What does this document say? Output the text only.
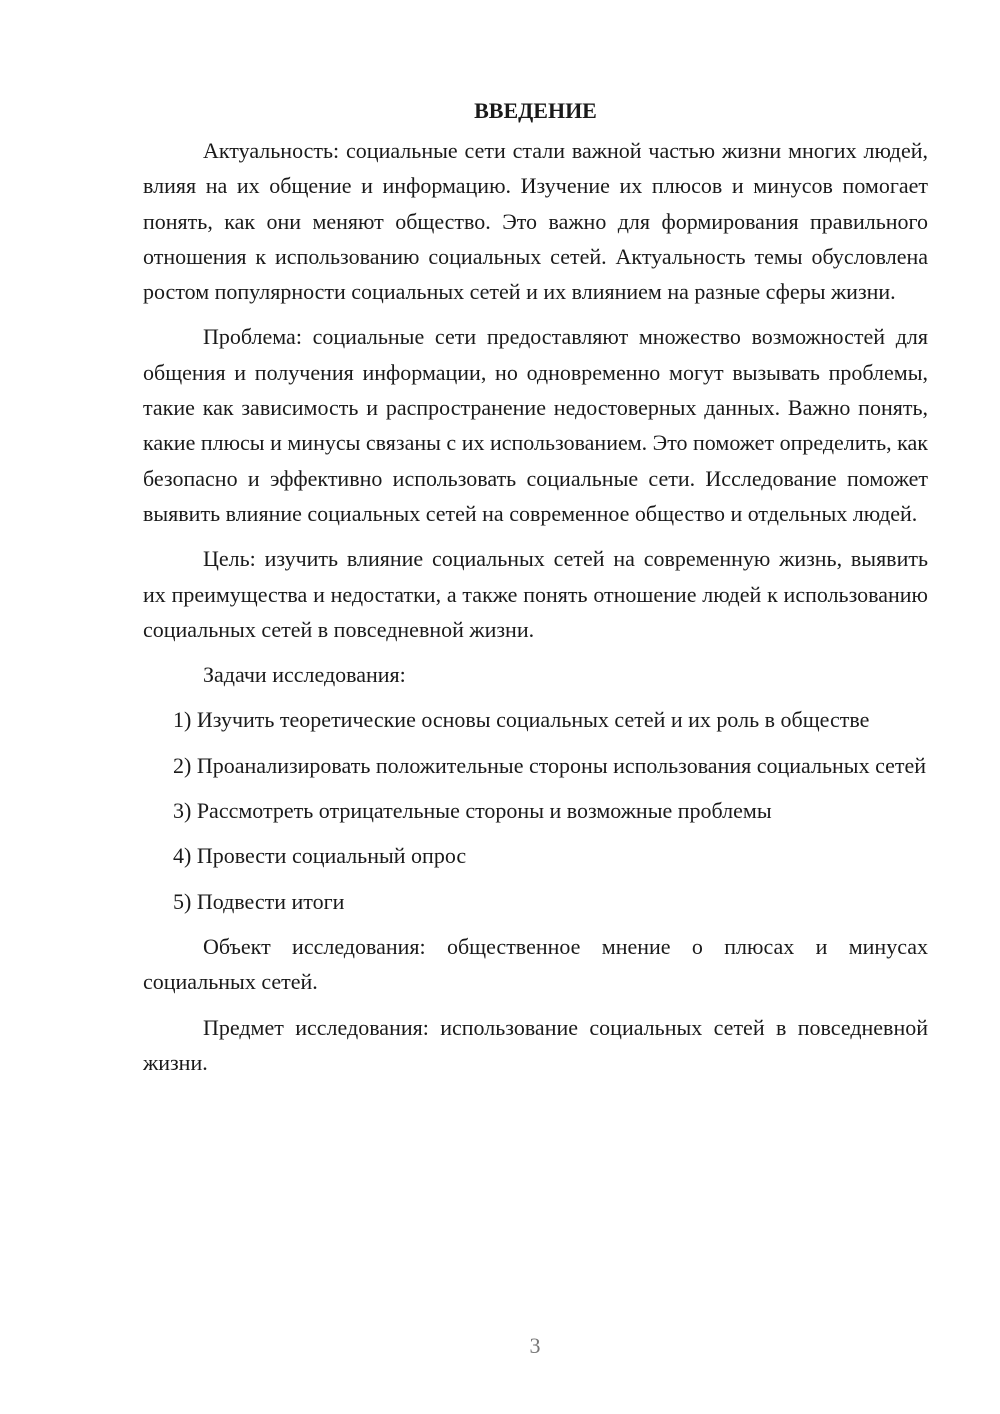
ВВЕДЕНИЕ

Актуальность: социальные сети стали важной частью жизни многих людей, влияя на их общение и информацию. Изучение их плюсов и минусов помогает понять, как они меняют общество. Это важно для формирования правильного отношения к использованию социальных сетей. Актуальность темы обусловлена ростом популярности социальных сетей и их влиянием на разные сферы жизни.

Проблема: социальные сети предоставляют множество возможностей для общения и получения информации, но одновременно могут вызывать проблемы, такие как зависимость и распространение недостоверных данных. Важно понять, какие плюсы и минусы связаны с их использованием. Это поможет определить, как безопасно и эффективно использовать социальные сети. Исследование поможет выявить влияние социальных сетей на современное общество и отдельных людей.

Цель: изучить влияние социальных сетей на современную жизнь, выявить их преимущества и недостатки, а также понять отношение людей к использованию социальных сетей в повседневной жизни.

Задачи исследования:

1) Изучить теоретические основы социальных сетей и их роль в обществе

2) Проанализировать положительные стороны использования социальных сетей

3) Рассмотреть отрицательные стороны и возможные проблемы

4) Провести социальный опрос

5) Подвести итоги

Объект исследования: общественное мнение о плюсах и минусах социальных сетей.

Предмет исследования: использование социальных сетей в повседневной жизни.

3
